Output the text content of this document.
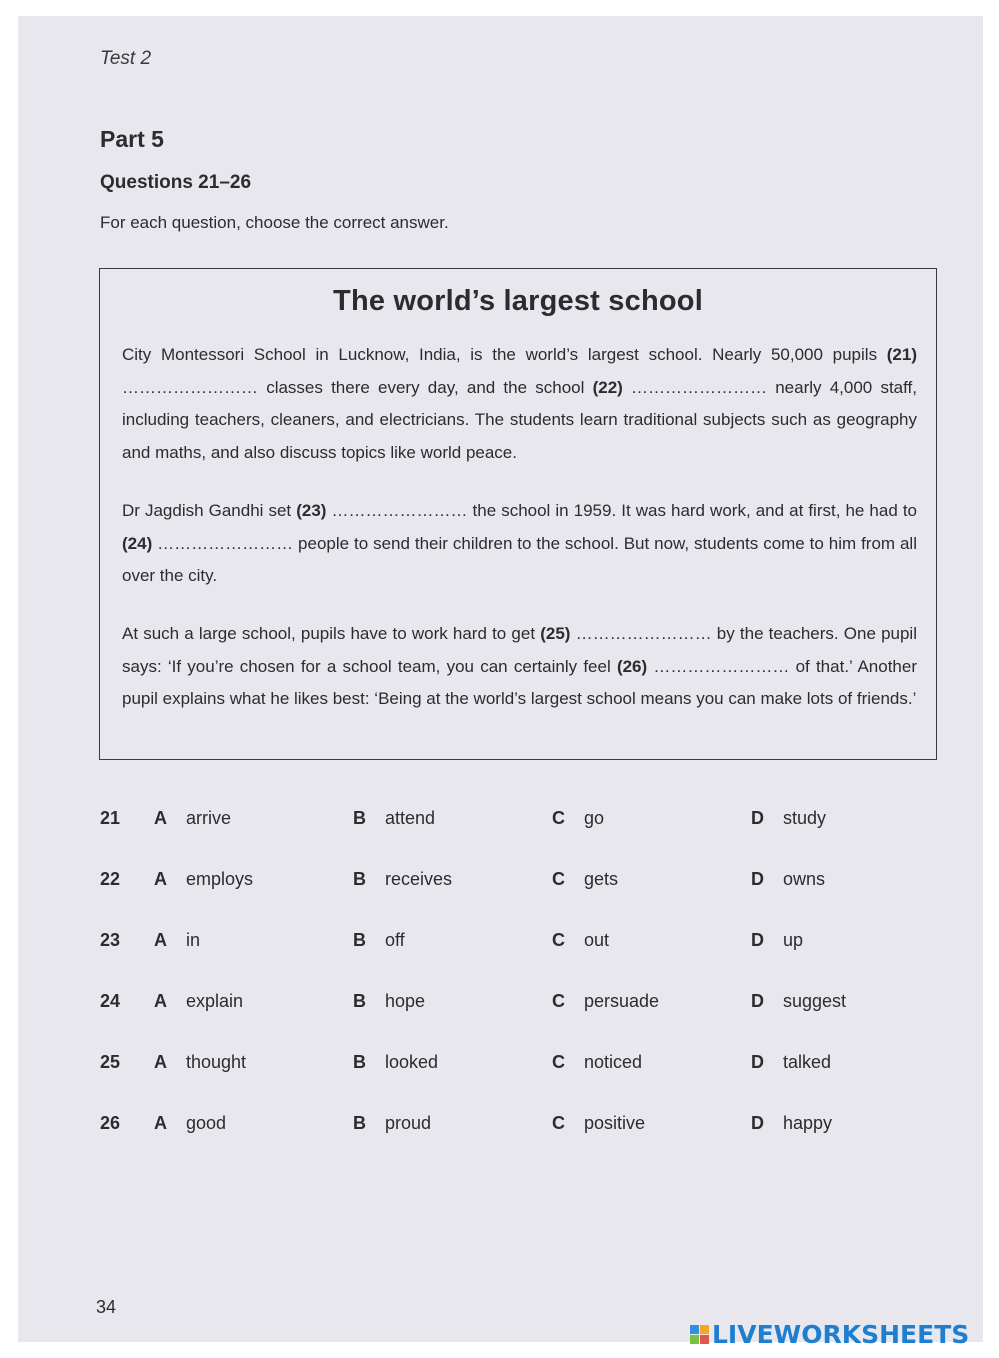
Test 2
Part 5
Questions 21–26
For each question, choose the correct answer.
The world’s largest school
City Montessori School in Lucknow, India, is the world’s largest school. Nearly 50,000 pupils (21) …………………… classes there every day, and the school (22) …………………… nearly 4,000 staff, including teachers, cleaners, and electricians. The students learn traditional subjects such as geography and maths, and also discuss topics like world peace.
Dr Jagdish Gandhi set (23) …………………… the school in 1959. It was hard work, and at first, he had to (24) …………………… people to send their children to the school. But now, students come to him from all over the city.
At such a large school, pupils have to work hard to get (25) …………………… by the teachers. One pupil says: ‘If you’re chosen for a school team, you can certainly feel (26) …………………… of that.’ Another pupil explains what he likes best: ‘Being at the world’s largest school means you can make lots of friends.’
21 A arrive	B attend	C go	D study
22 A employs	B receives	C gets	D owns
23 A in	B off	C out	D up
24 A explain	B hope	C persuade	D suggest
25 A thought	B looked	C noticed	D talked
26 A good	B proud	C positive	D happy
34
LIVEWORKSHEETS
